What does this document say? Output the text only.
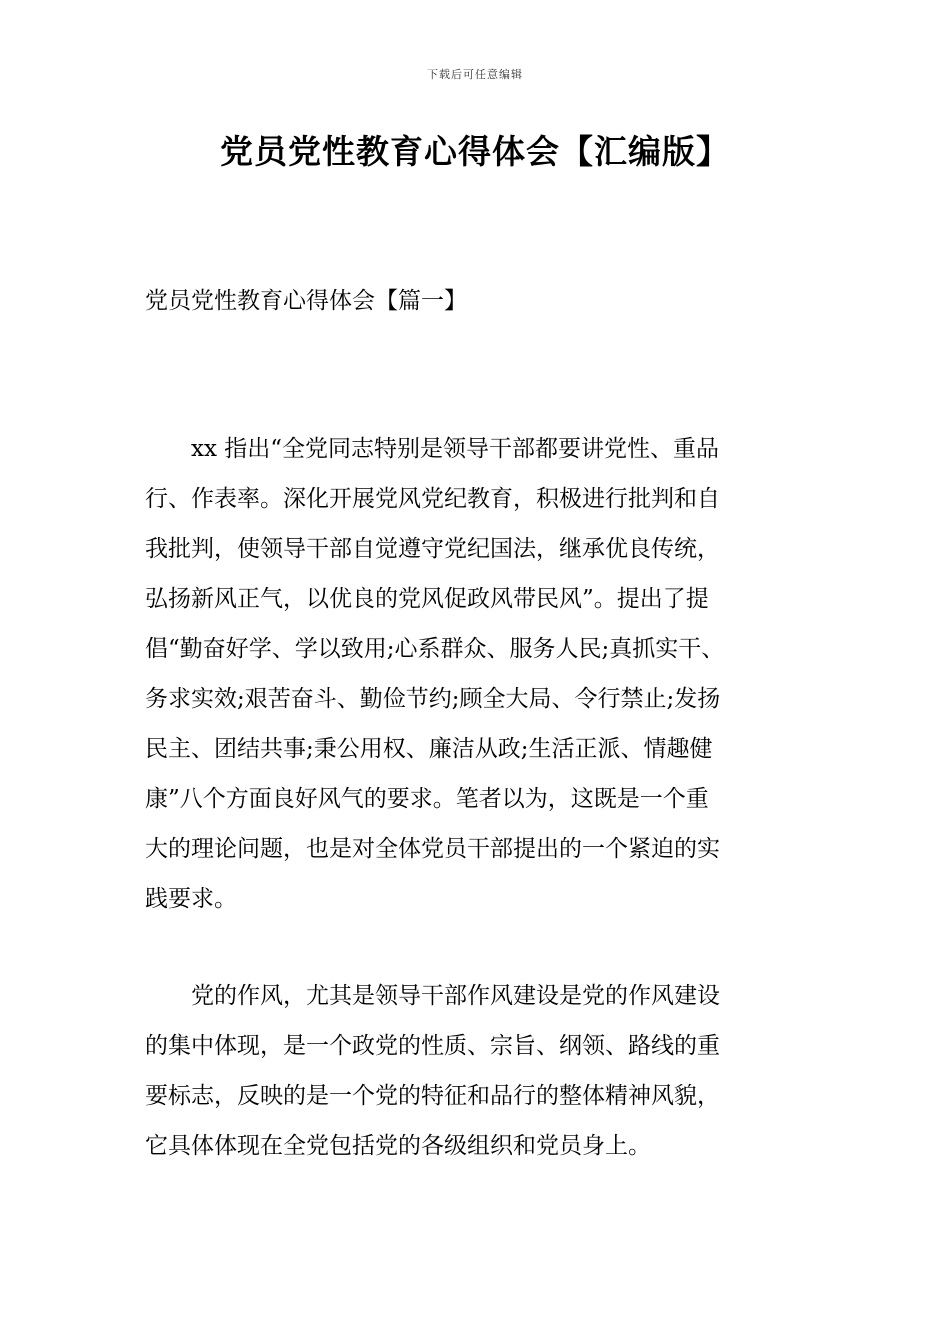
下载后可任意编辑
党员党性教育心得体会【汇编版】
党员党性教育心得体会【篇一】
　　xx 指出“全党同志特别是领导干部都要讲党性、重品
行、作表率。深化开展党风党纪教育，积极进行批判和自
我批判，使领导干部自觉遵守党纪国法，继承优良传统，
弘扬新风正气，以优良的党风促政风带民风”。提出了提
倡“勤奋好学、学以致用;心系群众、服务人民;真抓实干、
务求实效;艰苦奋斗、勤俭节约;顾全大局、令行禁止;发扬
民主、团结共事;秉公用权、廉洁从政;生活正派、情趣健
康”八个方面良好风气的要求。笔者以为，这既是一个重
大的理论问题，也是对全体党员干部提出的一个紧迫的实
践要求。
　　党的作风，尤其是领导干部作风建设是党的作风建设
的集中体现，是一个政党的性质、宗旨、纲领、路线的重
要标志，反映的是一个党的特征和品行的整体精神风貌，
它具体体现在全党包括党的各级组织和党员身上。
